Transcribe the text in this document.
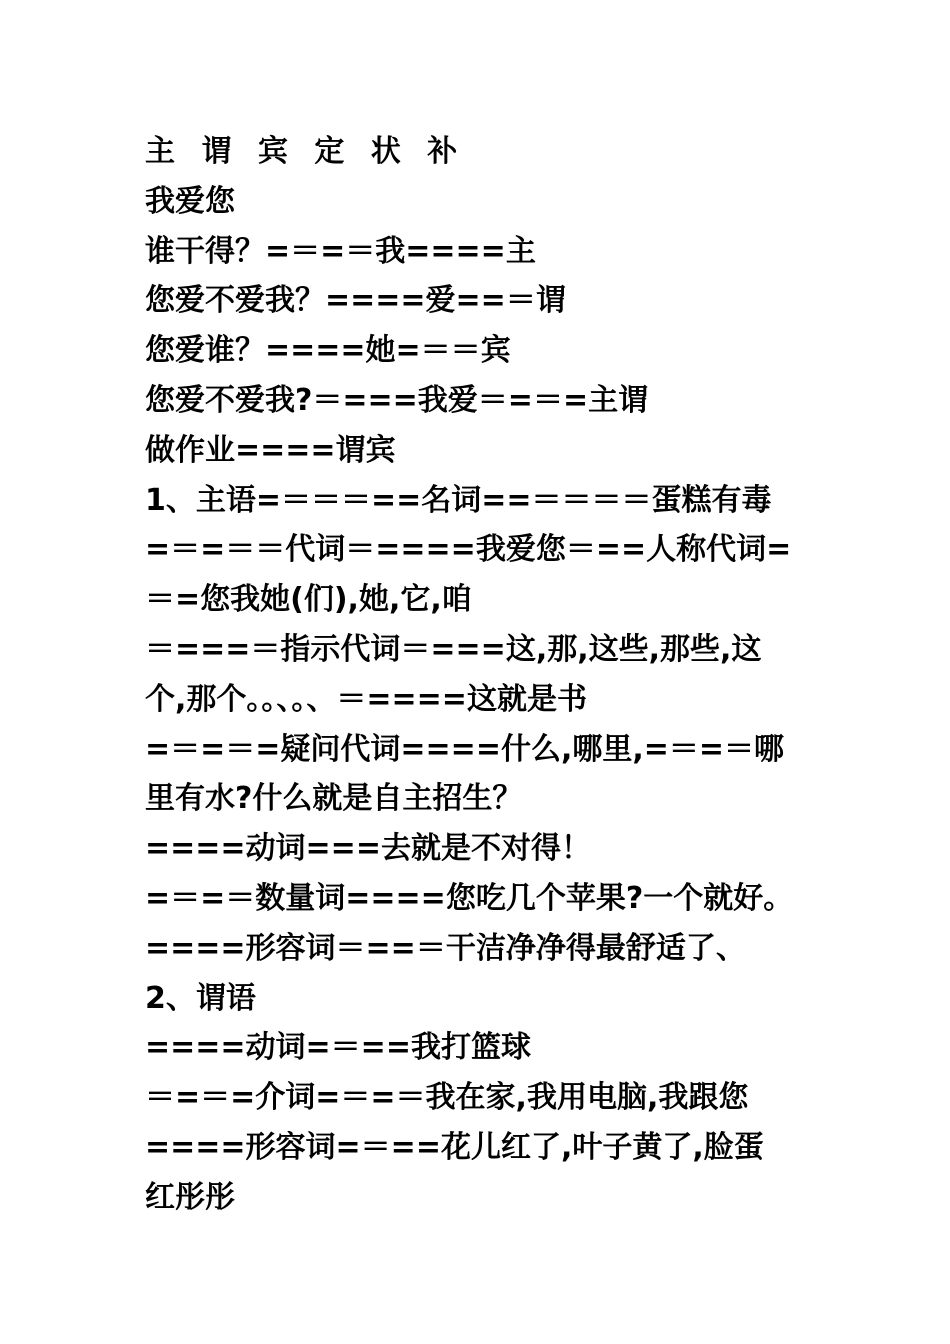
主 谓 宾 定 状 补
我爱您
谁干得？=＝=＝我====主
您爱不爱我？====爱==＝谓
您爱谁？====她=＝＝宾
您爱不爱我?＝===我爱＝=＝=主谓
做作业====谓宾
1、主语=＝＝＝==名词==＝＝＝＝蛋糕有毒
=＝=＝＝代词＝====我爱您＝==人称代词=
＝=您我她(们),她,它,咱
＝===＝指示代词＝===这,那,这些,那些,这
个,那个。。、。、＝====这就是书
=＝=＝=疑问代词====什么,哪里,=＝=＝哪
里有水?什么就是自主招生？
====动词===去就是不对得！
=＝=＝数量词====您吃几个苹果?一个就好。
====形容词＝==＝干洁净净得最舒适了、
2、谓语
====动词=＝==我打篮球
＝=＝=介词=＝=＝我在家,我用电脑,我跟您
====形容词=＝==花儿红了,叶子黄了,脸蛋
红彤彤
